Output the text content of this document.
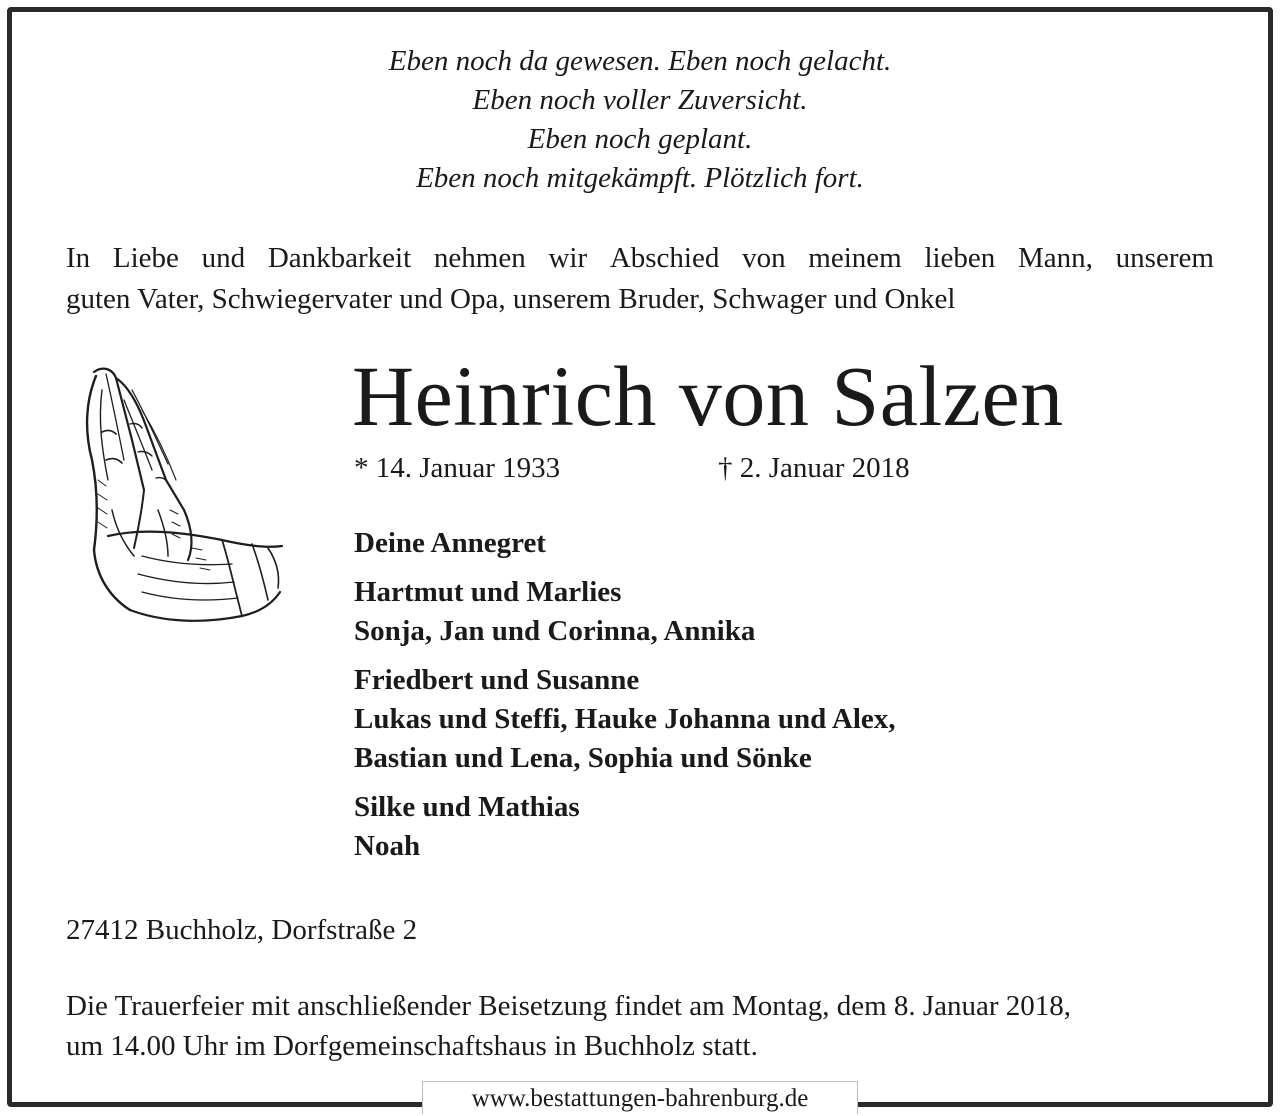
Eben noch da gewesen. Eben noch gelacht.
Eben noch voller Zuversicht.
Eben noch geplant.
Eben noch mitgekämpft. Plötzlich fort.
In Liebe und Dankbarkeit nehmen wir Abschied von meinem lieben Mann, unserem
guten Vater, Schwiegervater und Opa, unserem Bruder, Schwager und Onkel
Heinrich von Salzen
* 14. Januar 1933	† 2. Januar 2018
Deine Annegret
Hartmut und Marlies
Sonja, Jan und Corinna, Annika
Friedbert und Susanne
Lukas und Steffi, Hauke Johanna und Alex,
Bastian und Lena, Sophia und Sönke
Silke und Mathias
Noah
27412 Buchholz, Dorfstraße 2
Die Trauerfeier mit anschließender Beisetzung findet am Montag, dem 8. Januar 2018,
um 14.00 Uhr im Dorfgemeinschaftshaus in Buchholz statt.
www.bestattungen-bahrenburg.de
